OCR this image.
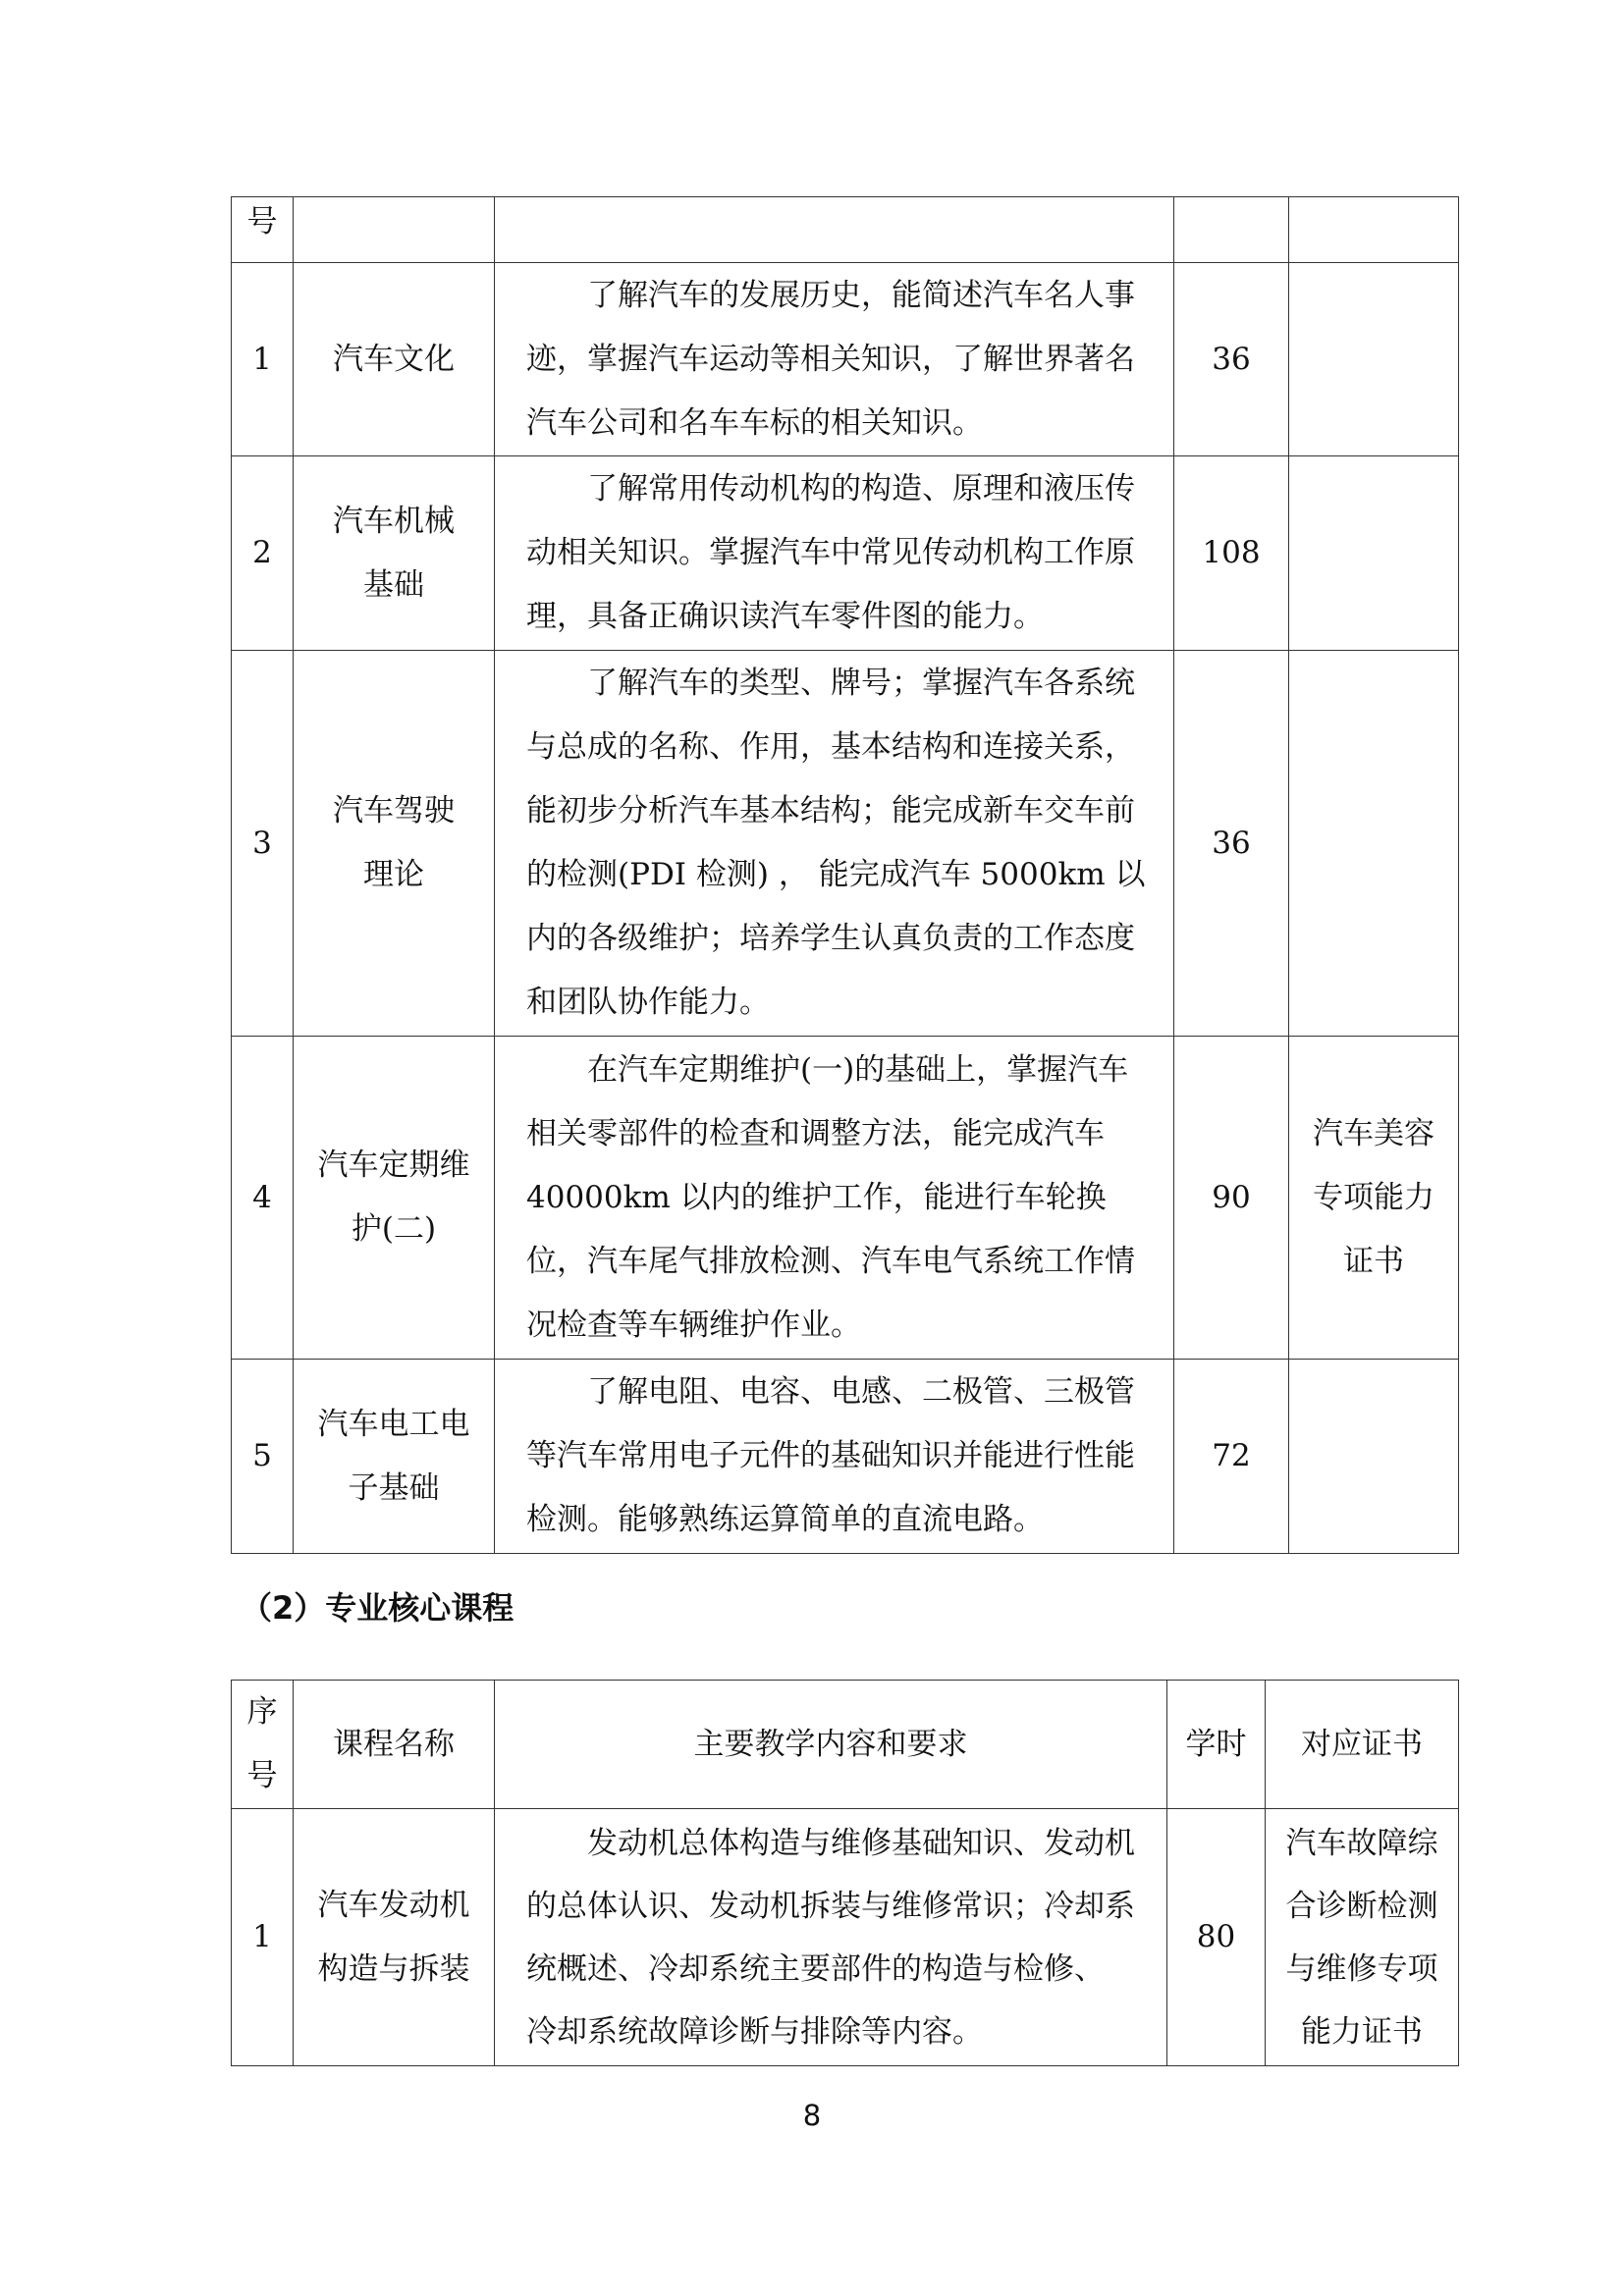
号				
1	汽车文化	了解汽车的发展历史，能简述汽车名人事迹，掌握汽车运动等相关知识，了解世界著名汽车公司和名车车标的相关知识。	36	
2	汽车机械基础	了解常用传动机构的构造、原理和液压传动相关知识。掌握汽车中常见传动机构工作原理，具备正确识读汽车零件图的能力。	108	
3	汽车驾驶理论	了解汽车的类型、牌号；掌握汽车各系统与总成的名称、作用，基本结构和连接关系，能初步分析汽车基本结构；能完成新车交车前的检测(PDI 检测) ， 能完成汽车 5000km 以内的各级维护；培养学生认真负责的工作态度和团队协作能力。	36	
4	汽车定期维护(二)	在汽车定期维护(一)的基础上，掌握汽车相关零部件的检查和调整方法，能完成汽车 40000km 以内的维护工作，能进行车轮换位，汽车尾气排放检测、汽车电气系统工作情况检查等车辆维护作业。	90	汽车美容专项能力证书
5	汽车电工电子基础	了解电阻、电容、电感、二极管、三极管等汽车常用电子元件的基础知识并能进行性能检测。能够熟练运算简单的直流电路。	72	
（2）专业核心课程
序号	课程名称	主要教学内容和要求	学时	对应证书
1	汽车发动机构造与拆装	发动机总体构造与维修基础知识、发动机的总体认识、发动机拆装与维修常识；冷却系统概述、冷却系统主要部件的构造与检修、 冷却系统故障诊断与排除等内容。	80	汽车故障综合诊断检测与维修专项能力证书
8
